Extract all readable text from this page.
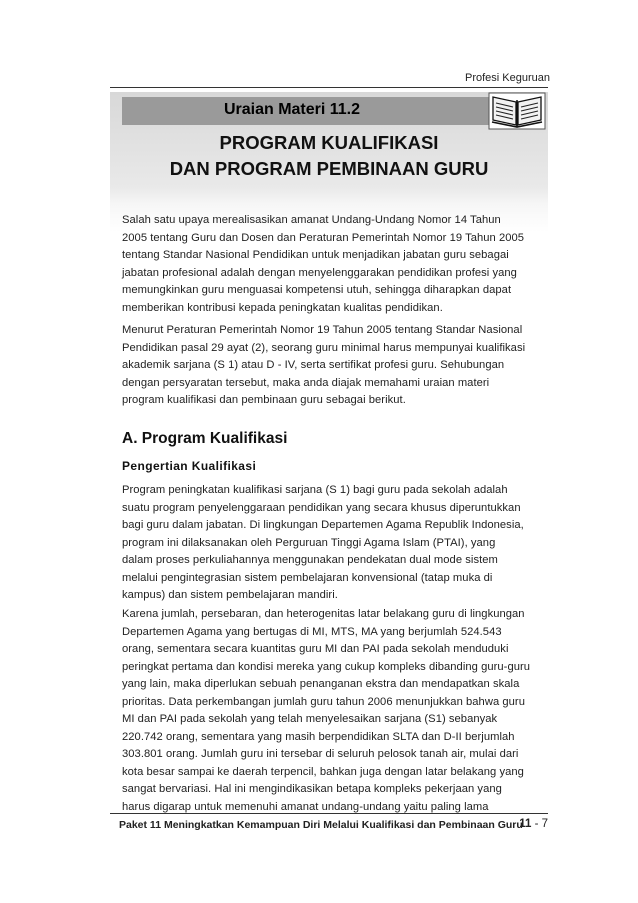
Profesi Keguruan
Uraian Materi 11.2
PROGRAM KUALIFIKASI
DAN PROGRAM PEMBINAAN GURU
Salah satu upaya merealisasikan amanat Undang-Undang Nomor 14 Tahun
2005 tentang Guru dan Dosen dan Peraturan Pemerintah Nomor 19 Tahun 2005
tentang Standar Nasional Pendidikan untuk menjadikan jabatan guru sebagai
jabatan profesional adalah dengan menyelenggarakan pendidikan profesi yang
memungkinkan guru menguasai kompetensi utuh, sehingga diharapkan dapat
memberikan kontribusi kepada peningkatan kualitas pendidikan.
Menurut Peraturan Pemerintah Nomor 19 Tahun 2005 tentang Standar Nasional
Pendidikan pasal 29 ayat (2), seorang guru minimal harus mempunyai kualifikasi
akademik sarjana (S 1) atau D - IV, serta sertifikat profesi guru. Sehubungan
dengan persyaratan tersebut, maka anda diajak memahami uraian materi
program kualifikasi dan pembinaan guru sebagai berikut.
A. Program Kualifikasi
Pengertian Kualifikasi
Program peningkatan kualifikasi sarjana (S 1) bagi guru pada sekolah adalah
suatu program penyelenggaraan pendidikan yang secara khusus diperuntukkan
bagi guru dalam jabatan. Di lingkungan Departemen Agama Republik Indonesia,
program ini dilaksanakan oleh Perguruan Tinggi Agama Islam (PTAI), yang
dalam proses perkuliahannya menggunakan pendekatan dual mode sistem
melalui pengintegrasian sistem pembelajaran konvensional (tatap muka di
kampus) dan sistem pembelajaran mandiri.
Karena jumlah, persebaran, dan heterogenitas latar belakang guru di lingkungan
Departemen Agama yang bertugas di MI, MTS, MA yang berjumlah 524.543
orang, sementara secara kuantitas guru MI dan PAI pada sekolah menduduki
peringkat pertama dan kondisi mereka yang cukup kompleks dibanding guru-guru
yang lain, maka diperlukan sebuah penanganan ekstra dan mendapatkan skala
prioritas. Data perkembangan jumlah guru tahun 2006 menunjukkan bahwa guru
MI dan PAI pada sekolah yang telah menyelesaikan sarjana (S1) sebanyak
220.742 orang, sementara yang masih berpendidikan SLTA dan D-II berjumlah
303.801 orang. Jumlah guru ini tersebar di seluruh pelosok tanah air, mulai dari
kota besar sampai ke daerah terpencil, bahkan juga dengan latar belakang yang
sangat bervariasi. Hal ini mengindikasikan betapa kompleks pekerjaan yang
harus digarap untuk memenuhi amanat undang-undang yaitu paling lama
Paket 11 Meningkatkan Kemampuan Diri Melalui Kualifikasi dan Pembinaan Guru
11 - 7
